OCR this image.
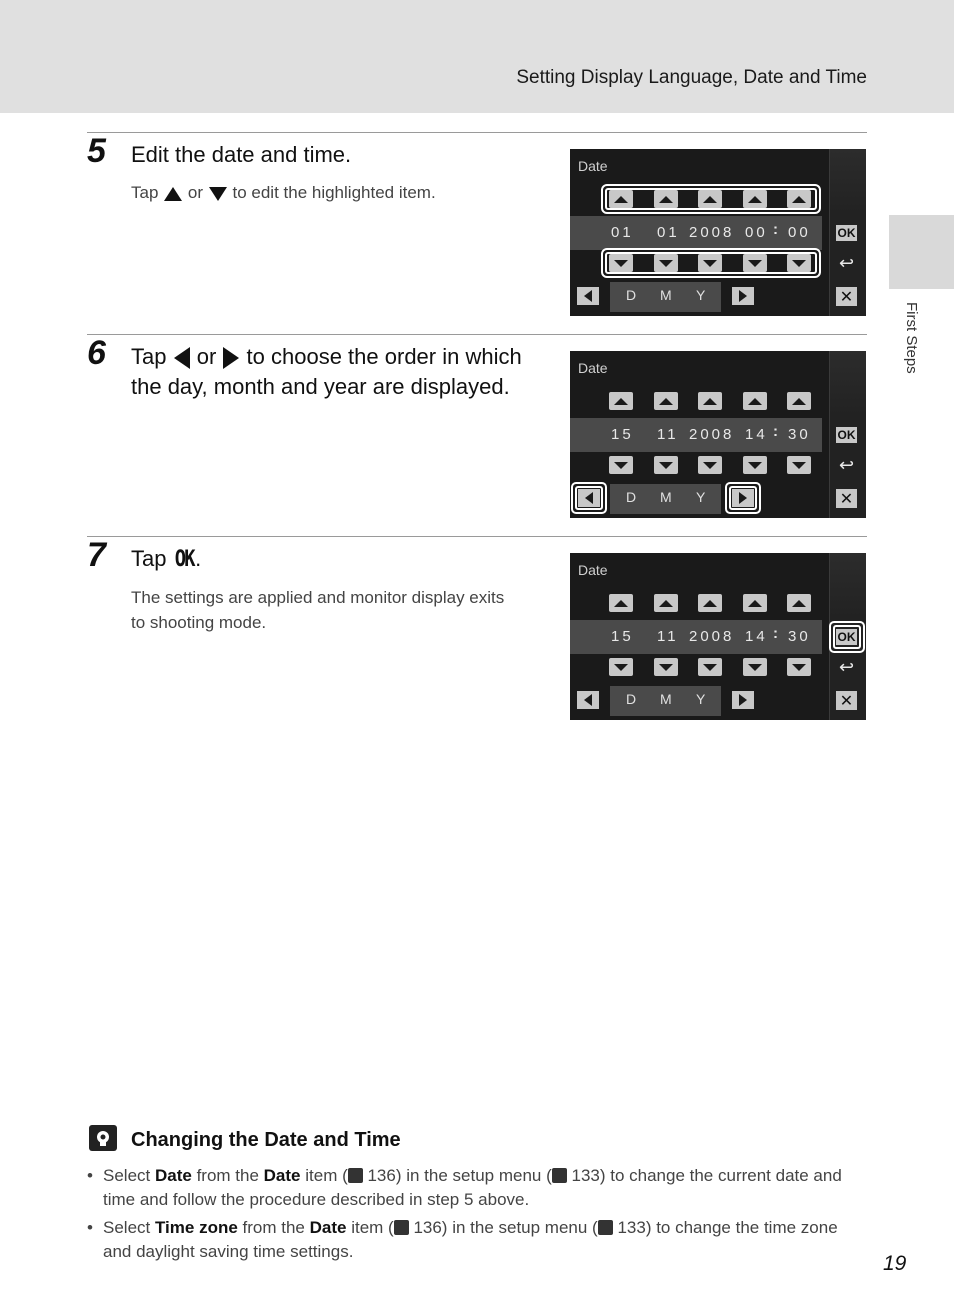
Setting Display Language, Date and Time
First Steps
5 Edit the date and time.
Tap or to edit the highlighted item.
Date
01 01 2008 00 : 00
D M Y
OK
↩
✕
6 Tap or to choose the order in which
the day, month and year are displayed.
Date
15 11 2008 14 : 30
D M Y
OK
↩
✕
7 Tap OK.
The settings are applied and monitor display exits
to shooting mode.
Date
15 11 2008 14 : 30
D M Y
OK
↩
✕
Changing the Date and Time
• Select Date from the Date item ( 136) in the setup menu ( 133) to change the current date and time and follow the procedure described in step 5 above.
• Select Time zone from the Date item ( 136) in the setup menu ( 133) to change the time zone and daylight saving time settings.
19
